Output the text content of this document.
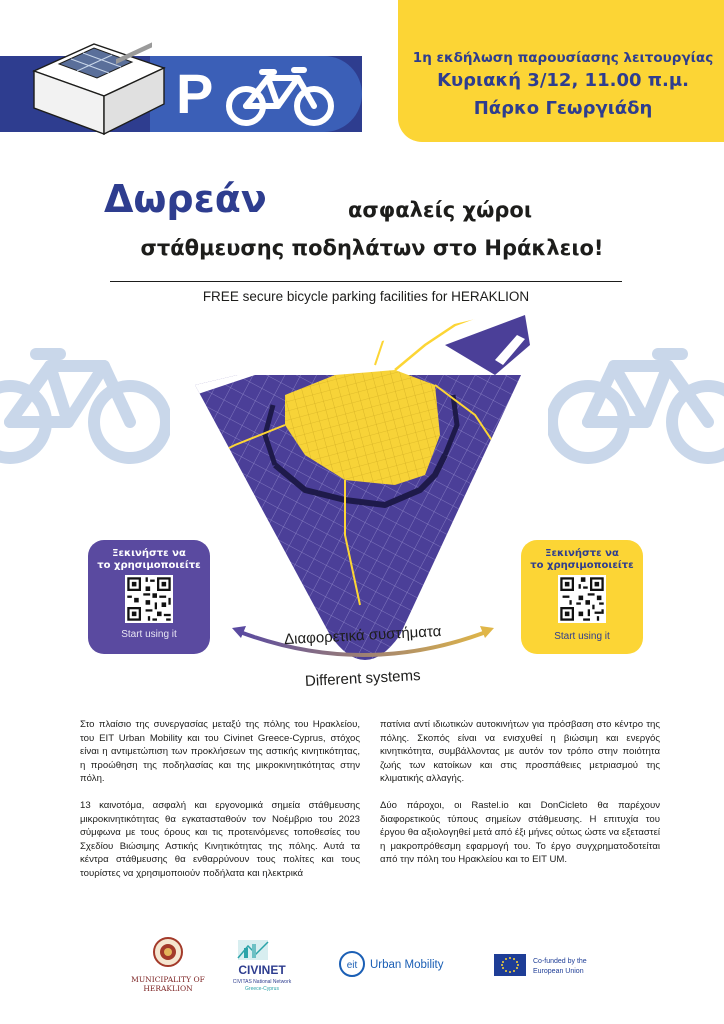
P
1η εκδήλωση παρουσίασης λειτουργίας
Κυριακή 3/12, 11.00 π.μ.
Πάρκο Γεωργιάδη
Δωρεάν	ασφαλείς χώροι
στάθμευσης ποδηλάτων στο Ηράκλειο!
FREE secure bicycle parking facilities for HERAKLION
Ξεκινήστε να
το χρησιμοποιείτε
Start using it
Ξεκινήστε να
το χρησιμοποιείτε
Start using it
Διαφορετικά συστήματα
Different systems

Στο πλαίσιο της συνεργασίας μεταξύ της πόλης του Ηρακλείου, του EIT Urban Mobility και του Civinet Greece-Cyprus, στόχος είναι η αντιμετώπιση των προκλήσεων της αστικής κινητικότητας, η προώθηση της ποδηλασίας και της μικροκινητικότητας στην πόλη.

13 καινοτόμα, ασφαλή και εργονομικά σημεία στάθμευσης μικροκινητικότητας θα εγκατασταθούν τον Νοέμβριο του 2023 σύμφωνα με τους όρους και τις προτεινόμενες τοποθεσίες του Σχεδίου Βιώσιμης Αστικής Κινητικότητας της πόλης. Αυτά τα κέντρα στάθμευσης θα ενθαρρύνουν τους πολίτες και τους τουρίστες να χρησιμοποιούν ποδήλατα και ηλεκτρικά

πατίνια αντί ιδιωτικών αυτοκινήτων για πρόσβαση στο κέντρο της πόλης. Σκοπός είναι να ενισχυθεί η βιώσιμη και ενεργός κινητικότητα, συμβάλλοντας με αυτόν τον τρόπο στην ποιότητα ζωής των κατοίκων και στις προσπάθειες μετριασμού της κλιματικής αλλαγής.

Δύο πάροχοι, οι Rastel.io και DonCicleto θα παρέχουν διαφορετικούς τύπους σημείων στάθμευσης. Η επιτυχία του έργου θα αξιολογηθεί μετά από έξι μήνες ούτως ώστε να εξεταστεί η μακροπρόθεσμη εφαρμογή του. Το έργο συγχρηματοδοτείται από την πόλη του Ηρακλείου και το EIT UM.

MUNICIPALITY OF
HERAKLION
CIVINET
CIVITAS National Network
Greece-Cyprus
eit Urban Mobility	Co-funded by the
European Union
